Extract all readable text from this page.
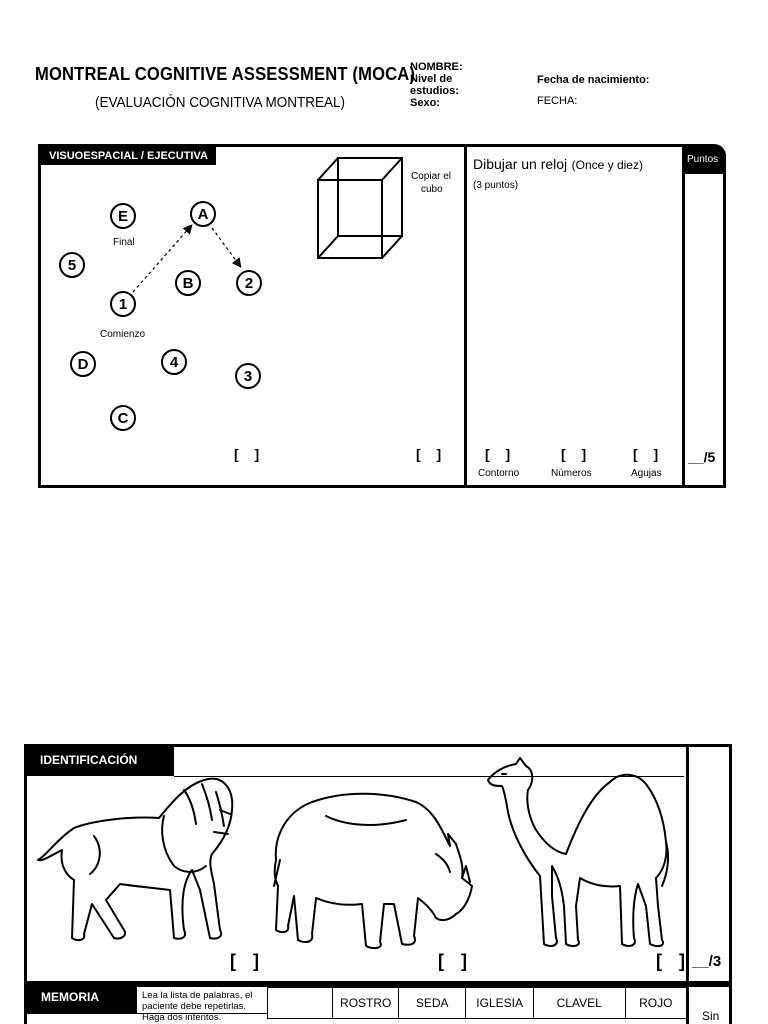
MONTREAL COGNITIVE ASSESSMENT (MOCA)
(EVALUACIÓN COGNITIVA MONTREAL)
NOMBRE:
Nivel de
estudios:
Sexo:
Fecha de nacimiento:
FECHA:
VISUOESPACIAL / EJECUTIVA	Puntos
E	A
5
B	2
1
D	4
3
C
Final
Comienzo
Copiar el
cubo
[ ]	[ ]
Dibujar un reloj (Once y diez)
(3 puntos)
[ ]	[ ]	[ ]
Contorno	Números	Agujas
__/5
IDENTIFICACIÓN
[ ]	[ ]	[ ] __/3
MEMORIA	Lea la lista de palabras, el
paciente debe repetirlas.
Haga dos intentos.
	ROSTRO	SEDA	IGLESIA	CLAVEL	ROJO
Sin
